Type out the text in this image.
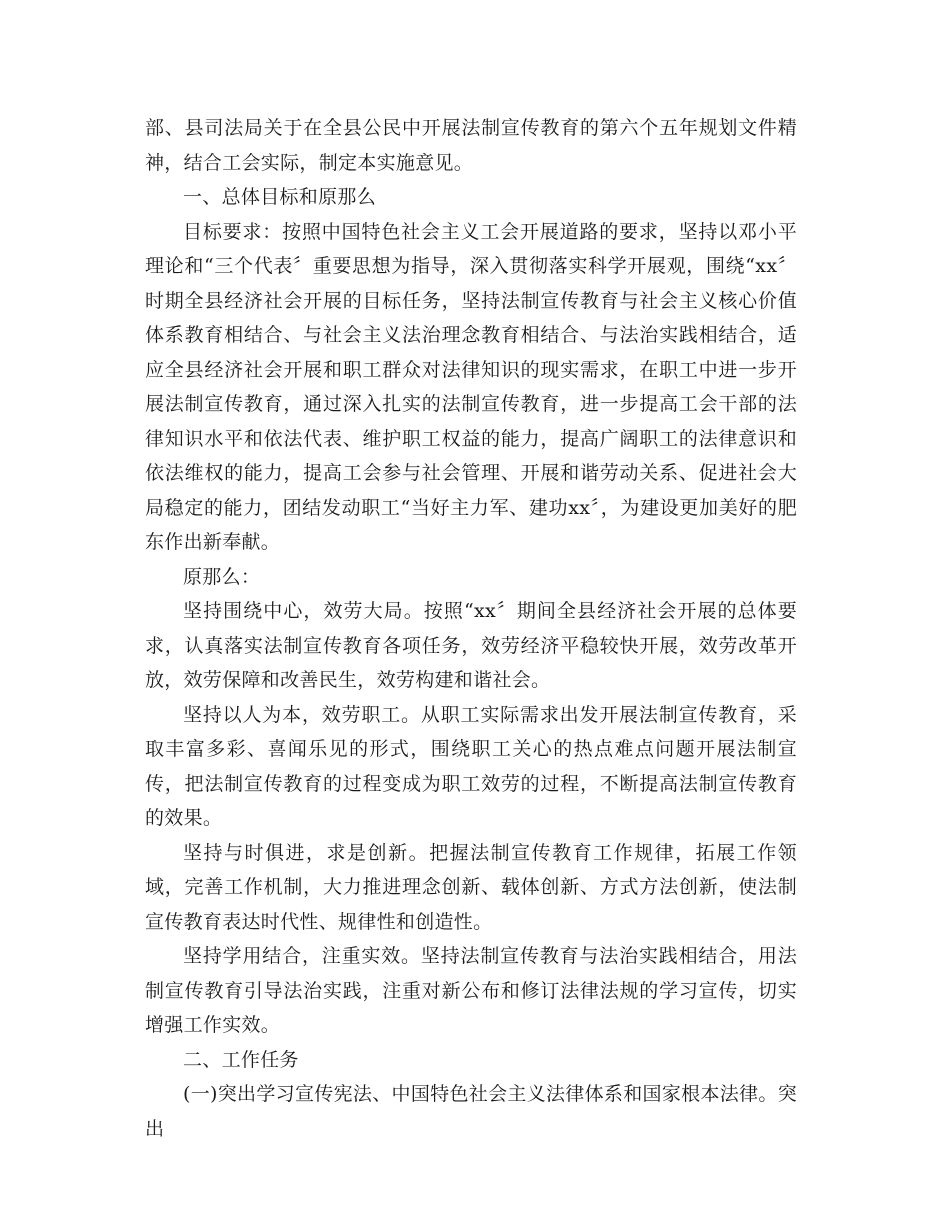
部、县司法局关于在全县公民中开展法制宣传教育的第六个五年规划文件精神，结合工会实际，制定本实施意见。

一、总体目标和原那么

目标要求：按照中国特色社会主义工会开展道路的要求，坚持以邓小平理论和“三个代表〞重要思想为指导，深入贯彻落实科学开展观，围绕“xx〞时期全县经济社会开展的目标任务，坚持法制宣传教育与社会主义核心价值体系教育相结合、与社会主义法治理念教育相结合、与法治实践相结合，适应全县经济社会开展和职工群众对法律知识的现实需求，在职工中进一步开展法制宣传教育，通过深入扎实的法制宣传教育，进一步提高工会干部的法律知识水平和依法代表、维护职工权益的能力，提高广阔职工的法律意识和依法维权的能力，提高工会参与社会管理、开展和谐劳动关系、促进社会大局稳定的能力，团结发动职工“当好主力军、建功xx〞，为建设更加美好的肥东作出新奉献。

原那么：

坚持围绕中心，效劳大局。按照“xx〞期间全县经济社会开展的总体要求，认真落实法制宣传教育各项任务，效劳经济平稳较快开展，效劳改革开放，效劳保障和改善民生，效劳构建和谐社会。

坚持以人为本，效劳职工。从职工实际需求出发开展法制宣传教育，采取丰富多彩、喜闻乐见的形式，围绕职工关心的热点难点问题开展法制宣传，把法制宣传教育的过程变成为职工效劳的过程，不断提高法制宣传教育的效果。

坚持与时俱进，求是创新。把握法制宣传教育工作规律，拓展工作领域，完善工作机制，大力推进理念创新、载体创新、方式方法创新，使法制宣传教育表达时代性、规律性和创造性。

坚持学用结合，注重实效。坚持法制宣传教育与法治实践相结合，用法制宣传教育引导法治实践，注重对新公布和修订法律法规的学习宣传，切实增强工作实效。

二、工作任务

(一)突出学习宣传宪法、中国特色社会主义法律体系和国家根本法律。突出
